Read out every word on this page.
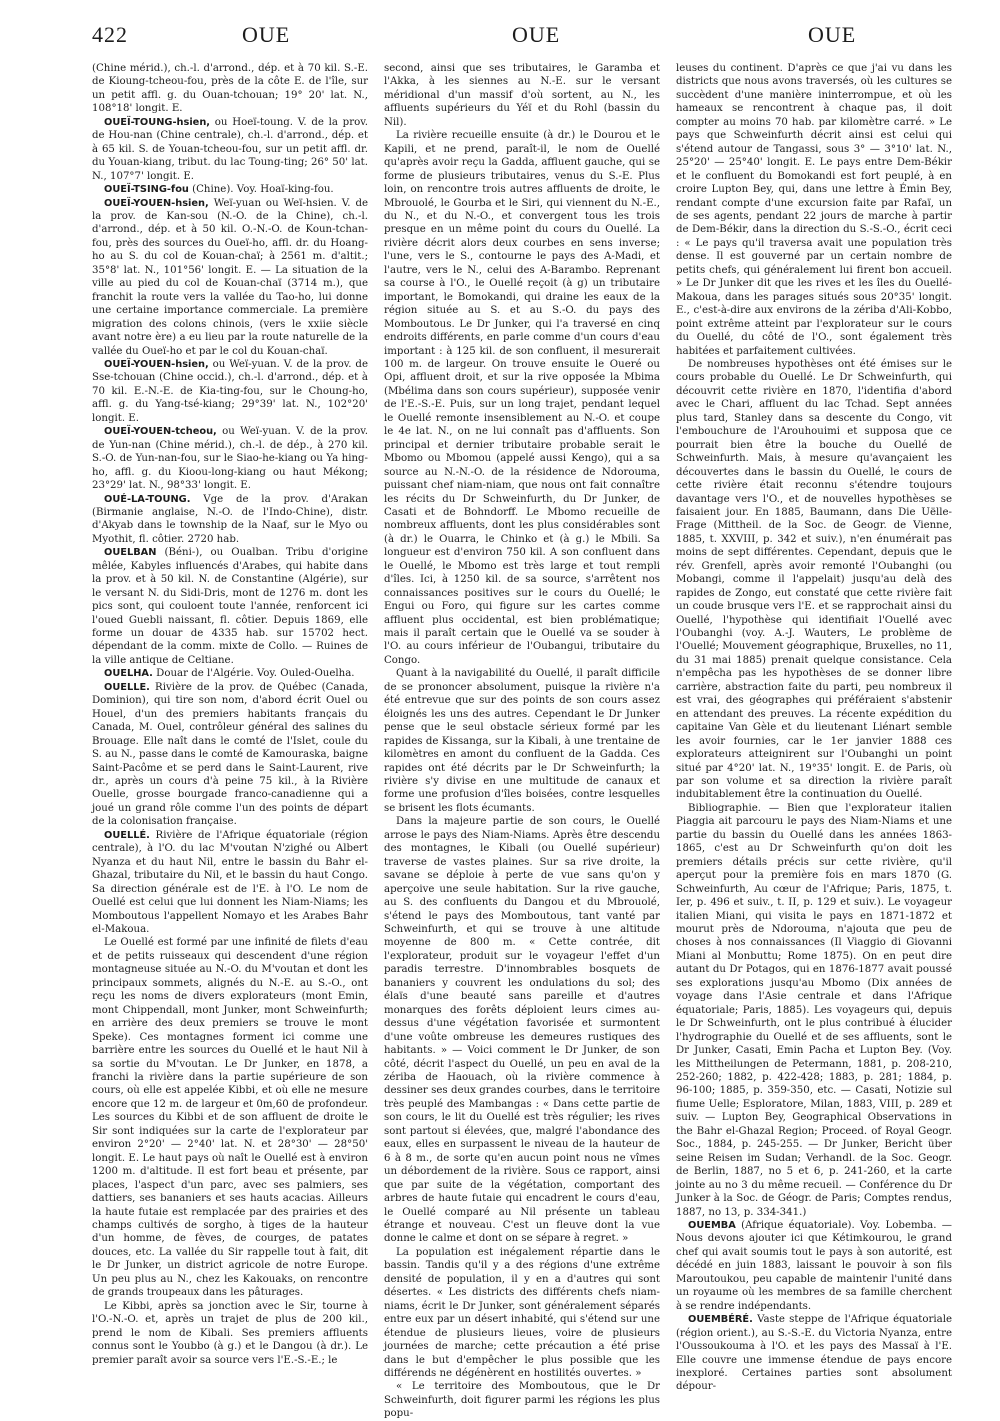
422	OUE	OUE	OUE

(Chine mérid.), ch.-l. d'arrond., dép. et à 70 kil. S.-E. de Kioung-tcheou-fou, près de la côte E. de l'île, sur un petit affl. g. du Ouan-tchouan; 19° 20' lat. N., 108°18' longit. E.

OUEÏ-TOUNG-hsien, ou Hoeï-toung. V. de la prov. de Hou-nan (Chine centrale), ch.-l. d'arrond., dép. et à 65 kil. S. de Youan-tcheou-fou, sur un petit affl. dr. du Youan-kiang, tribut. du lac Toung-ting; 26° 50' lat. N., 107°7' longit. E.

OUEÏ-TSING-fou (Chine). Voy. Hoaï-king-fou.

OUEÏ-YOUEN-hsien, Weï-yuan ou Weï-hsien. V. de la prov. de Kan-sou (N.-O. de la Chine), ch.-l. d'arrond., dép. et à 50 kil. O.-N.-O. de Koun-tchan-fou, près des sources du Oueï-ho, affl. dr. du Hoang-ho au S. du col de Kouan-chaï; à 2561 m. d'altit.; 35°8' lat. N., 101°56' longit. E. — La situation de la ville au pied du col de Kouan-chaï (3714 m.), que franchit la route vers la vallée du Tao-ho, lui donne une certaine importance commerciale. La première migration des colons chinois, (vers le xxiie siècle avant notre ère) a eu lieu par la route naturelle de la vallée du Oueï-ho et par le col du Kouan-chaï.

OUEÏ-YOUEN-hsien, ou Weï-yuan. V. de la prov. de Sse-tchouan (Chine occid.), ch.-l. d'arrond., dép. et à 70 kil. E.-N.-E. de Kia-ting-fou, sur le Choung-ho, affl. g. du Yang-tsé-kiang; 29°39' lat. N., 102°20' longit. E.

OUEÏ-YOUEN-tcheou, ou Weï-yuan. V. de la prov. de Yun-nan (Chine mérid.), ch.-l. de dép., à 270 kil. S.-O. de Yun-nan-fou, sur le Siao-he-kiang ou Ya hing-ho, affl. g. du Kioou-long-kiang ou haut Mékong; 23°29' lat. N., 98°33' longit. E.

OUÉ-LA-TOUNG. Vge de la prov. d'Arakan (Birmanie anglaise, N.-O. de l'Indo-Chine), distr. d'Akyab dans le township de la Naaf, sur le Myo ou Myothit, fl. côtier. 2720 hab.

OUELBAN (Béni-), ou Oualban. Tribu d'origine mêlée, Kabyles influencés d'Arabes, qui habite dans la prov. et à 50 kil. N. de Constantine (Algérie), sur le versant N. du Sidi-Dris, mont de 1276 m. dont les pics sont, qui couloent toute l'année, renforcent ici l'oued Guebli naissant, fl. côtier. Depuis 1869, elle forme un douar de 4335 hab. sur 15702 hect. dépendant de la comm. mixte de Collo. — Ruines de la ville antique de Celtiane.

OUELHA. Douar de l'Algérie. Voy. Ouled-Ouelha.

OUELLE. Rivière de la prov. de Québec (Canada, Dominion), qui tire son nom, d'abord écrit Ouel ou Houel, d'un des premiers habitants français du Canada, M. Ouel, contrôleur général des salines du Brouage. Elle naît dans le comté de l'Islet, coule du S. au N., passe dans le comté de Kamouraska, baigne Saint-Pacôme et se perd dans le Saint-Laurent, rive dr., après un cours d'à peine 75 kil., à la Rivière Ouelle, grosse bourgade franco-canadienne qui a joué un grand rôle comme l'un des points de départ de la colonisation française.

OUELLÉ. Rivière de l'Afrique équatoriale (région centrale), à l'O. du lac M'voutan N'zighé ou Albert Nyanza et du haut Nil, entre le bassin du Bahr el-Ghazal, tributaire du Nil, et le bassin du haut Congo. Sa direction générale est de l'E. à l'O. Le nom de Ouellé est celui que lui donnent les Niam-Niams; les Momboutous l'appellent Nomayo et les Arabes Bahr el-Makoua.

Le Ouellé est formé par une infinité de filets d'eau et de petits ruisseaux qui descendent d'une région montagneuse située au N.-O. du M'voutan et dont les principaux sommets, alignés du N.-E. au S.-O., ont reçu les noms de divers explorateurs (mont Emin, mont Chippendall, mont Junker, mont Schweinfurth; en arrière des deux premiers se trouve le mont Speke). Ces montagnes forment ici comme une barrière entre les sources du Ouellé et le haut Nil à sa sortie du M'voutan. Le Dr Junker, en 1878, a franchi la rivière dans la partie supérieure de son cours, où elle est appelée Kibbi, et où elle ne mesure encore que 12 m. de largeur et 0m,60 de profondeur. Les sources du Kibbi et de son affluent de droite le Sir sont indiquées sur la carte de l'explorateur par environ 2°20' — 2°40' lat. N. et 28°30' — 28°50' longit. E. Le haut pays où naît le Ouellé est à environ 1200 m. d'altitude. Il est fort beau et présente, par places, l'aspect d'un parc, avec ses palmiers, ses dattiers, ses bananiers et ses hauts acacias. Ailleurs la haute futaie est remplacée par des prairies et des champs cultivés de sorgho, à tiges de la hauteur d'un homme, de fèves, de courges, de patates douces, etc. La vallée du Sir rappelle tout à fait, dit le Dr Junker, un district agricole de notre Europe. Un peu plus au N., chez les Kakouaks, on rencontre de grands troupeaux dans les pâturages.

Le Kibbi, après sa jonction avec le Sir, tourne à l'O.-N.-O. et, après un trajet de plus de 200 kil., prend le nom de Kibali. Ses premiers affluents connus sont le Youbbo (à g.) et le Dangou (à dr.). Le premier paraît avoir sa source vers l'E.-S.-E.; le

second, ainsi que ses tributaires, le Garamba et l'Akka, à les siennes au N.-E. sur le versant méridional d'un massif d'où sortent, au N., les affluents supérieurs du Yéï et du Rohl (bassin du Nil).

La rivière recueille ensuite (à dr.) le Dourou et le Kapili, et ne prend, paraît-il, le nom de Ouellé qu'après avoir reçu la Gadda, affluent gauche, qui se forme de plusieurs tributaires, venus du S.-E. Plus loin, on rencontre trois autres affluents de droite, le Mbrouolé, le Gourba et le Siri, qui viennent du N.-E., du N., et du N.-O., et convergent tous les trois presque en un même point du cours du Ouellé. La rivière décrit alors deux courbes en sens inverse; l'une, vers le S., contourne le pays des A-Madi, et l'autre, vers le N., celui des A-Barambo. Reprenant sa course à l'O., le Ouellé reçoit (à g) un tributaire important, le Bomokandi, qui draine les eaux de la région située au S. et au S.-O. du pays des Momboutous. Le Dr Junker, qui l'a traversé en cinq endroits différents, en parle comme d'un cours d'eau important : à 125 kil. de son confluent, il mesurerait 100 m. de largeur. On trouve ensuite le Oueré ou Opi, affluent droit, et sur la rive opposée la Mbima (Mbélima dans son cours supérieur), supposée venir de l'E.-S.-E. Puis, sur un long trajet, pendant lequel le Ouellé remonte insensiblement au N.-O. et coupe le 4e lat. N., on ne lui connaît pas d'affluents. Son principal et dernier tributaire probable serait le Mbomo ou Mbomou (appelé aussi Kengo), qui a sa source au N.-N.-O. de la résidence de Ndorouma, puissant chef niam-niam, que nous ont fait connaître les récits du Dr Schweinfurth, du Dr Junker, de Casati et de Bohndorff. Le Mbomo recueille de nombreux affluents, dont les plus considérables sont (à dr.) le Ouarra, le Chinko et (à g.) le Mbili. Sa longueur est d'environ 750 kil. A son confluent dans le Ouellé, le Mbomo est très large et tout rempli d'îles. Ici, à 1250 kil. de sa source, s'arrêtent nos connaissances positives sur le cours du Ouellé; le Engui ou Foro, qui figure sur les cartes comme affluent plus occidental, est bien problématique; mais il paraît certain que le Ouellé va se souder à l'O. au cours inférieur de l'Oubangui, tributaire du Congo.

Quant à la navigabilité du Ouellé, il paraît difficile de se prononcer absolument, puisque la rivière n'a été entrevue que sur des points de son cours assez éloignés les uns des autres. Cependant le Dr Junker pense que le seul obstacle sérieux formé par les rapides de Kissanga, sur la Kibali, à une trentaine de kilomètres en amont du confluent de la Gadda. Ces rapides ont été décrits par le Dr Schweinfurth; la rivière s'y divise en une multitude de canaux et forme une profusion d'îles boisées, contre lesquelles se brisent les flots écumants.

Dans la majeure partie de son cours, le Ouellé arrose le pays des Niam-Niams. Après être descendu des montagnes, le Kibali (ou Ouellé supérieur) traverse de vastes plaines. Sur sa rive droite, la savane se déploie à perte de vue sans qu'on y aperçoive une seule habitation. Sur la rive gauche, au S. des confluents du Dangou et du Mbrouolé, s'étend le pays des Momboutous, tant vanté par Schweinfurth, et qui se trouve à une altitude moyenne de 800 m. « Cette contrée, dit l'explorateur, produit sur le voyageur l'effet d'un paradis terrestre. D'innombrables bosquets de bananiers y couvrent les ondulations du sol; des élaïs d'une beauté sans pareille et d'autres monarques des forêts déploient leurs cimes au-dessus d'une végétation favorisée et surmontent d'une voûte ombreuse les demeures rustiques des habitants. » — Voici comment le Dr Junker, de son côté, décrit l'aspect du Ouellé, un peu en aval de la zériba de Haouach, où la rivière commence à dessiner ses deux grandes courbes, dans le territoire très peuplé des Mambangas : « Dans cette partie de son cours, le lit du Ouellé est très régulier; les rives sont partout si élevées, que, malgré l'abondance des eaux, elles en surpassent le niveau de la hauteur de 6 à 8 m., de sorte qu'en aucun point nous ne vîmes un débordement de la rivière. Sous ce rapport, ainsi que par suite de la végétation, comportant des arbres de haute futaie qui encadrent le cours d'eau, le Ouellé comparé au Nil présente un tableau étrange et nouveau. C'est un fleuve dont la vue donne le calme et dont on se sépare à regret. »

La population est inégalement répartie dans le bassin. Tandis qu'il y a des régions d'une extrême densité de population, il y en a d'autres qui sont désertes. « Les districts des différents chefs niam-niams, écrit le Dr Junker, sont généralement séparés entre eux par un désert inhabité, qui s'étend sur une étendue de plusieurs lieues, voire de plusieurs journées de marche; cette précaution a été prise dans le but d'empêcher le plus possible que les différends ne dégénèrent en hostilités ouvertes. »

« Le territoire des Momboutous, que le Dr Schweinfurth, doit figurer parmi les régions les plus popu-

leuses du continent. D'après ce que j'ai vu dans les districts que nous avons traversés, où les cultures se succèdent d'une manière ininterrompue, et où les hameaux se rencontrent à chaque pas, il doit compter au moins 70 hab. par kilomètre carré. » Le pays que Schweinfurth décrit ainsi est celui qui s'étend autour de Tangassi, sous 3° — 3°10' lat. N., 25°20' — 25°40' longit. E. Le pays entre Dem-Békir et le confluent du Bomokandi est fort peuplé, à en croire Lupton Bey, qui, dans une lettre à Émin Bey, rendant compte d'une excursion faite par Rafaï, un de ses agents, pendant 22 jours de marche à partir de Dem-Békir, dans la direction du S.-S.-O., écrit ceci : « Le pays qu'il traversa avait une population très dense. Il est gouverné par un certain nombre de petits chefs, qui généralement lui firent bon accueil. » Le Dr Junker dit que les rives et les îles du Ouellé-Makoua, dans les parages situés sous 20°35' longit. E., c'est-à-dire aux environs de la zériba d'Ali-Kobbo, point extrême atteint par l'explorateur sur le cours du Ouellé, du côté de l'O., sont également très habitées et parfaitement cultivées.

De nombreuses hypothèses ont été émises sur le cours probable du Ouellé. Le Dr Schweinfurth, qui découvrit cette rivière en 1870, l'identifia d'abord avec le Chari, affluent du lac Tchad. Sept années plus tard, Stanley dans sa descente du Congo, vit l'embouchure de l'Arouhouimi et supposa que ce pourrait bien être la bouche du Ouellé de Schweinfurth. Mais, à mesure qu'avançaient les découvertes dans le bassin du Ouellé, le cours de cette rivière était reconnu s'étendre toujours davantage vers l'O., et de nouvelles hypothèses se faisaient jour. En 1885, Baumann, dans Die Uëlle-Frage (Mittheil. de la Soc. de Geogr. de Vienne, 1885, t. XXVIII, p. 342 et suiv.), n'en énumérait pas moins de sept différentes. Cependant, depuis que le rév. Grenfell, après avoir remonté l'Oubanghi (ou Mobangi, comme il l'appelait) jusqu'au delà des rapides de Zongo, eut constaté que cette rivière fait un coude brusque vers l'E. et se rapprochait ainsi du Ouellé, l'hypothèse qui identifiait l'Ouellé avec l'Oubanghi (voy. A.-J. Wauters, Le problème de l'Ouellé; Mouvement géographique, Bruxelles, no 11, du 31 mai 1885) prenait quelque consistance. Cela n'empêcha pas les hypothèses de se donner libre carrière, abstraction faite du parti, peu nombreux il est vrai, des géographes qui préféraient s'abstenir en attendant des preuves. La récente expédition du capitaine Van Gèle et du lieutenant Liénart semble les avoir fournies, car le 1er janvier 1888 ces explorateurs atteignirent sur l'Oubanghi un point situé par 4°20' lat. N., 19°35' longit. E. de Paris, où par son volume et sa direction la rivière paraît indubitablement être la continuation du Ouellé.

Bibliographie. — Bien que l'explorateur italien Piaggia ait parcouru le pays des Niam-Niams et une partie du bassin du Ouellé dans les années 1863-1865, c'est au Dr Schweinfurth qu'on doit les premiers détails précis sur cette rivière, qu'il aperçut pour la première fois en mars 1870 (G. Schweinfurth, Au cœur de l'Afrique; Paris, 1875, t. Ier, p. 496 et suiv., t. II, p. 129 et suiv.). Le voyageur italien Miani, qui visita le pays en 1871-1872 et mourut près de Ndorouma, n'ajouta que peu de choses à nos connaissances (Il Viaggio di Giovanni Miani al Monbuttu; Rome 1875). On en peut dire autant du Dr Potagos, qui en 1876-1877 avait poussé ses explorations jusqu'au Mbomo (Dix années de voyage dans l'Asie centrale et dans l'Afrique équatoriale; Paris, 1885). Les voyageurs qui, depuis le Dr Schweinfurth, ont le plus contribué à élucider l'hydrographie du Ouellé et de ses affluents, sont le Dr Junker, Casati, Emin Pacha et Lupton Bey. (Voy. les Mittheilungen de Petermann, 1881, p. 208-210, 252-260; 1882, p. 422-428; 1883, p. 281; 1884, p. 96-100; 1885, p. 359-350, etc. — Casati, Notizie sul fiume Uelle; Esploratore, Milan, 1883, VIII, p. 289 et suiv. — Lupton Bey, Geographical Observations in the Bahr el-Ghazal Region; Proceed. of Royal Geogr. Soc., 1884, p. 245-255. — Dr Junker, Bericht über seine Reisen im Sudan; Verhandl. de la Soc. Geogr. de Berlin, 1887, no 5 et 6, p. 241-260, et la carte jointe au no 3 du même recueil. — Conférence du Dr Junker à la Soc. de Géogr. de Paris; Comptes rendus, 1887, no 13, p. 334-341.)

OUEMBA (Afrique équatoriale). Voy. Lobemba. — Nous devons ajouter ici que Kétimkourou, le grand chef qui avait soumis tout le pays à son autorité, est décédé en juin 1883, laissant le pouvoir à son fils Maroutoukou, peu capable de maintenir l'unité dans un royaume où les membres de sa famille cherchent à se rendre indépendants.

OUEMBÉRÉ. Vaste steppe de l'Afrique équatoriale (région orient.), au S.-S.-E. du Victoria Nyanza, entre l'Oussoukouma à l'O. et les pays des Massaï à l'E. Elle couvre une immense étendue de pays encore inexploré. Certaines parties sont absolument dépour-
